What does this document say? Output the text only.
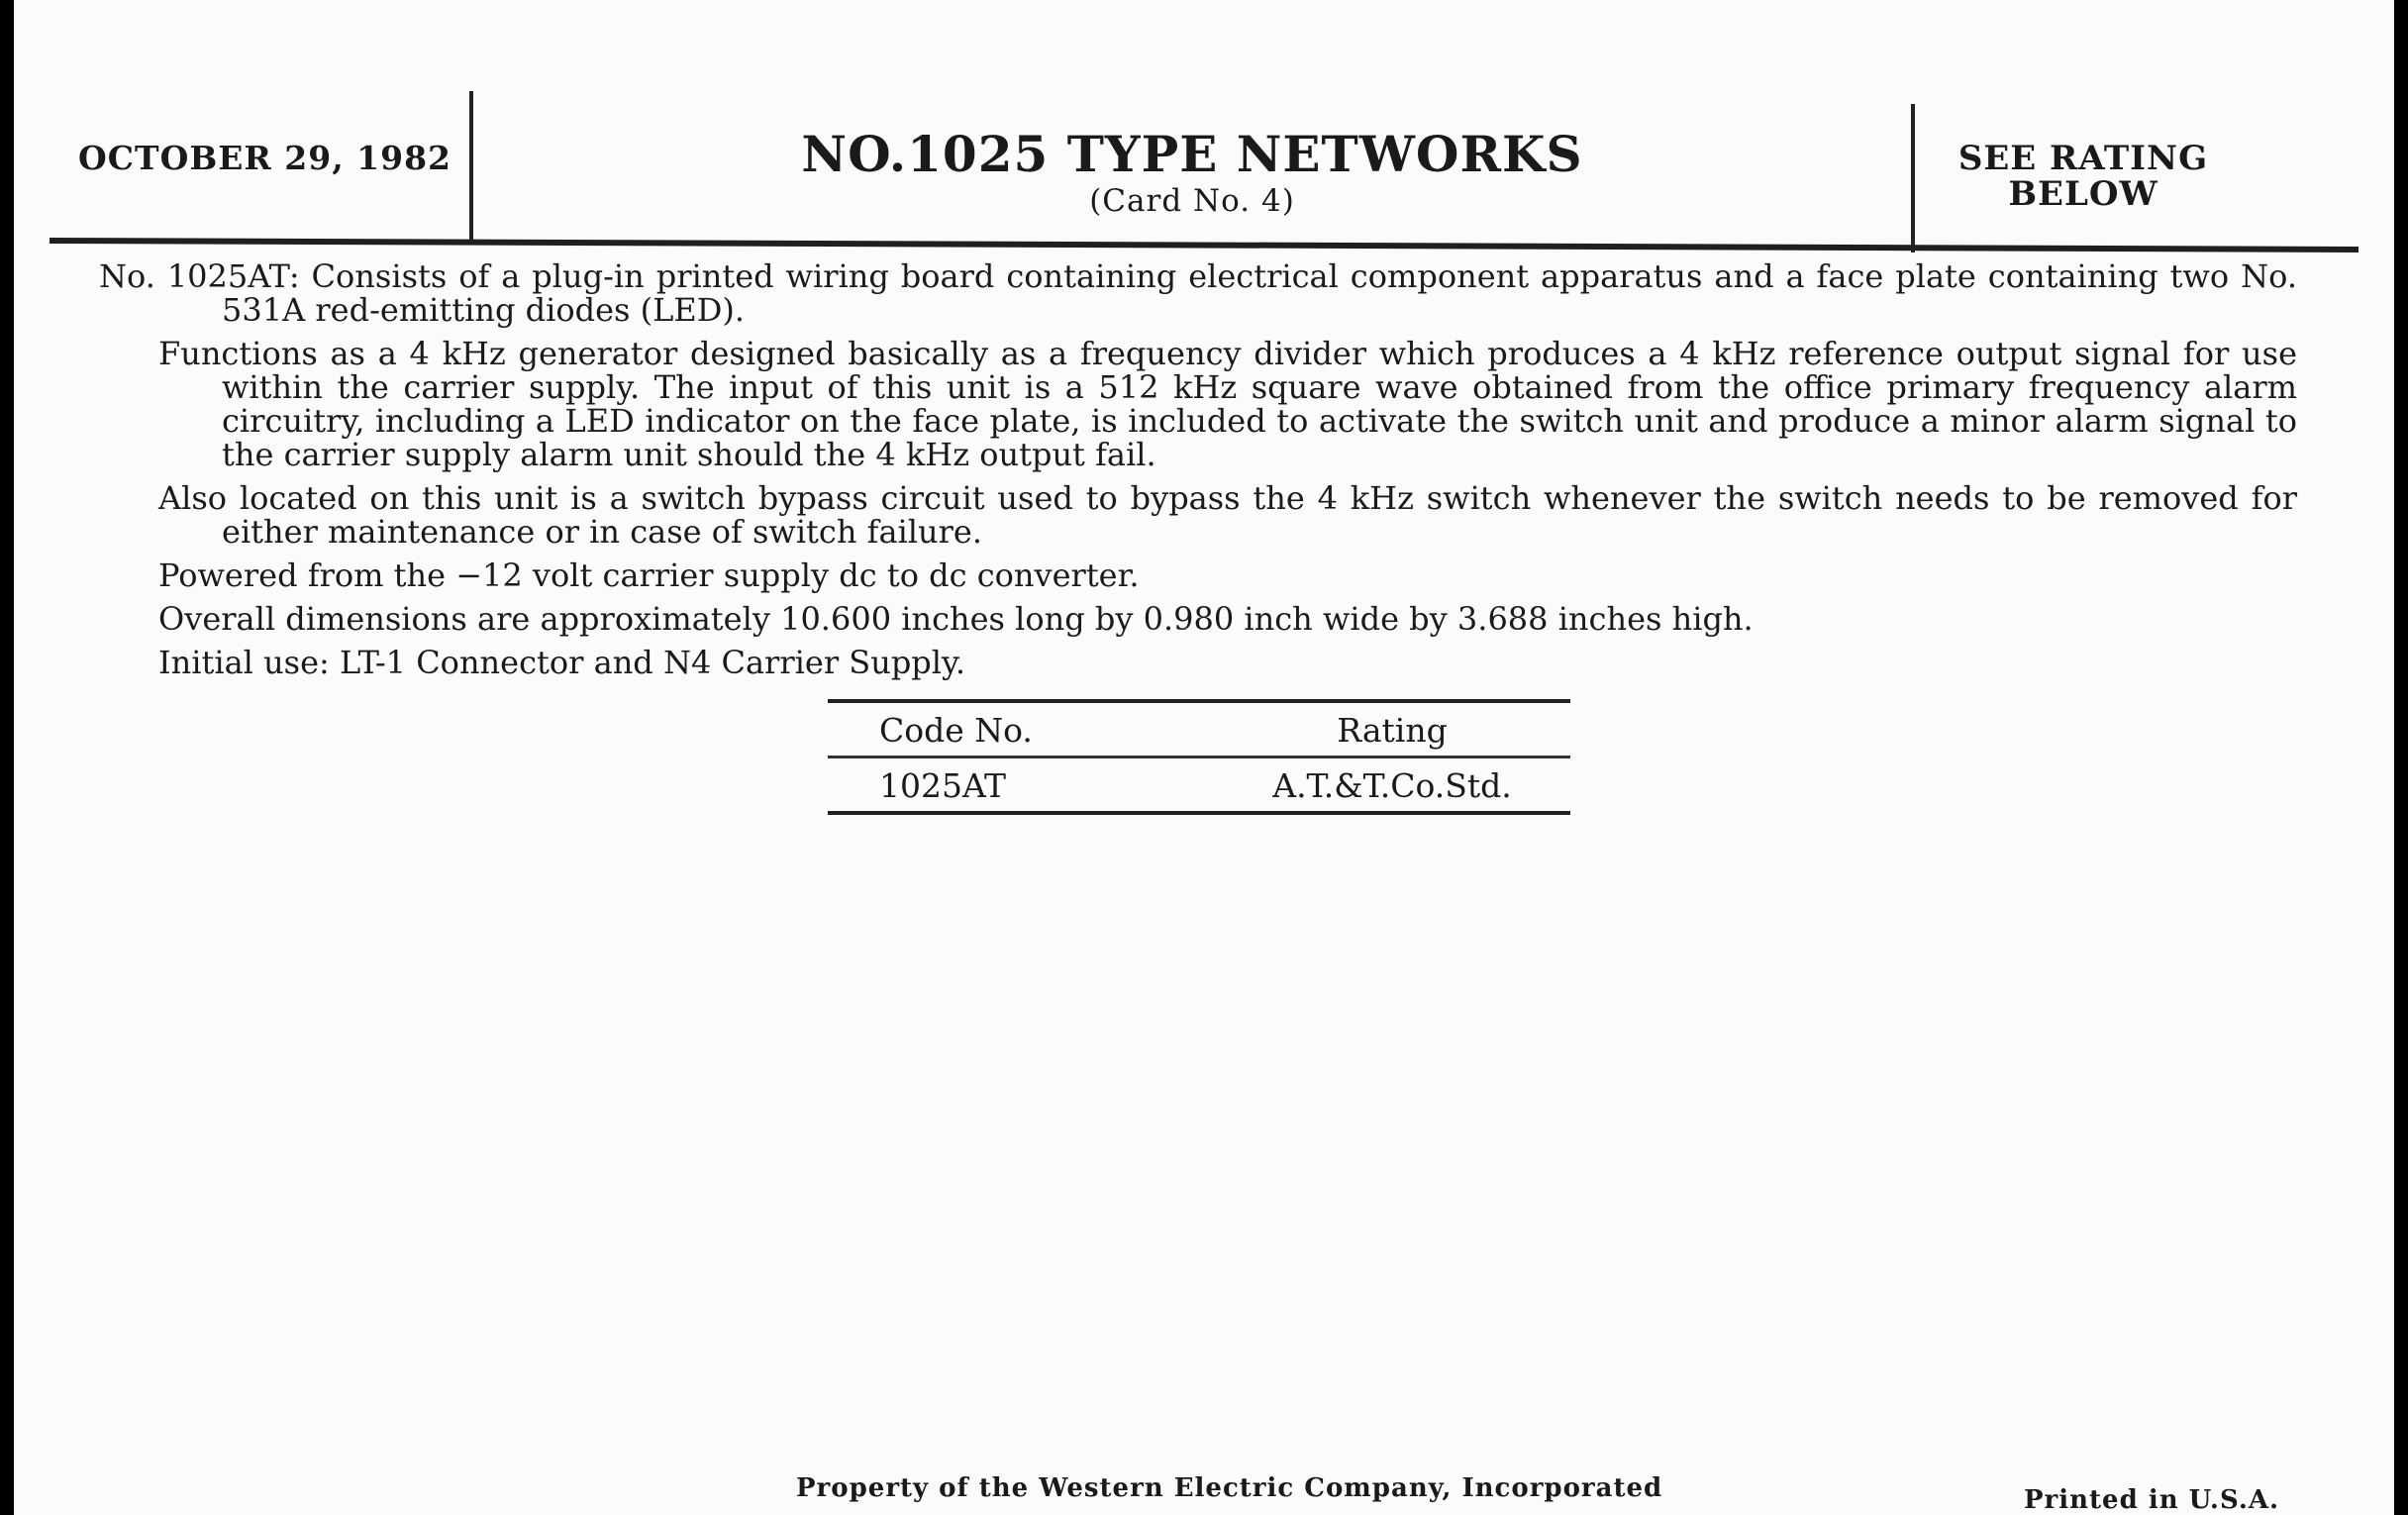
OCTOBER 29, 1982	NO.1025 TYPE NETWORKS
(Card No. 4)
SEE RATING
BELOW

No. 1025AT: Consists of a plug-in printed wiring board containing electrical component apparatus and a face plate containing two No. 531A red-emitting diodes (LED).

Functions as a 4 kHz generator designed basically as a frequency divider which produces a 4 kHz reference output signal for use within the carrier supply. The input of this unit is a 512 kHz square wave obtained from the office primary frequency alarm circuitry, including a LED indicator on the face plate, is included to activate the switch unit and produce a minor alarm signal to the carrier supply alarm unit should the 4 kHz output fail.

Also located on this unit is a switch bypass circuit used to bypass the 4 kHz switch whenever the switch needs to be removed for either maintenance or in case of switch failure.

Powered from the −12 volt carrier supply dc to dc converter.

Overall dimensions are approximately 10.600 inches long by 0.980 inch wide by 3.688 inches high.

Initial use: LT-1 Connector and N4 Carrier Supply.

Code No.	Rating
1025AT	A.T.&T.Co.Std.
Property of the Western Electric Company, Incorporated	Printed in U.S.A.
